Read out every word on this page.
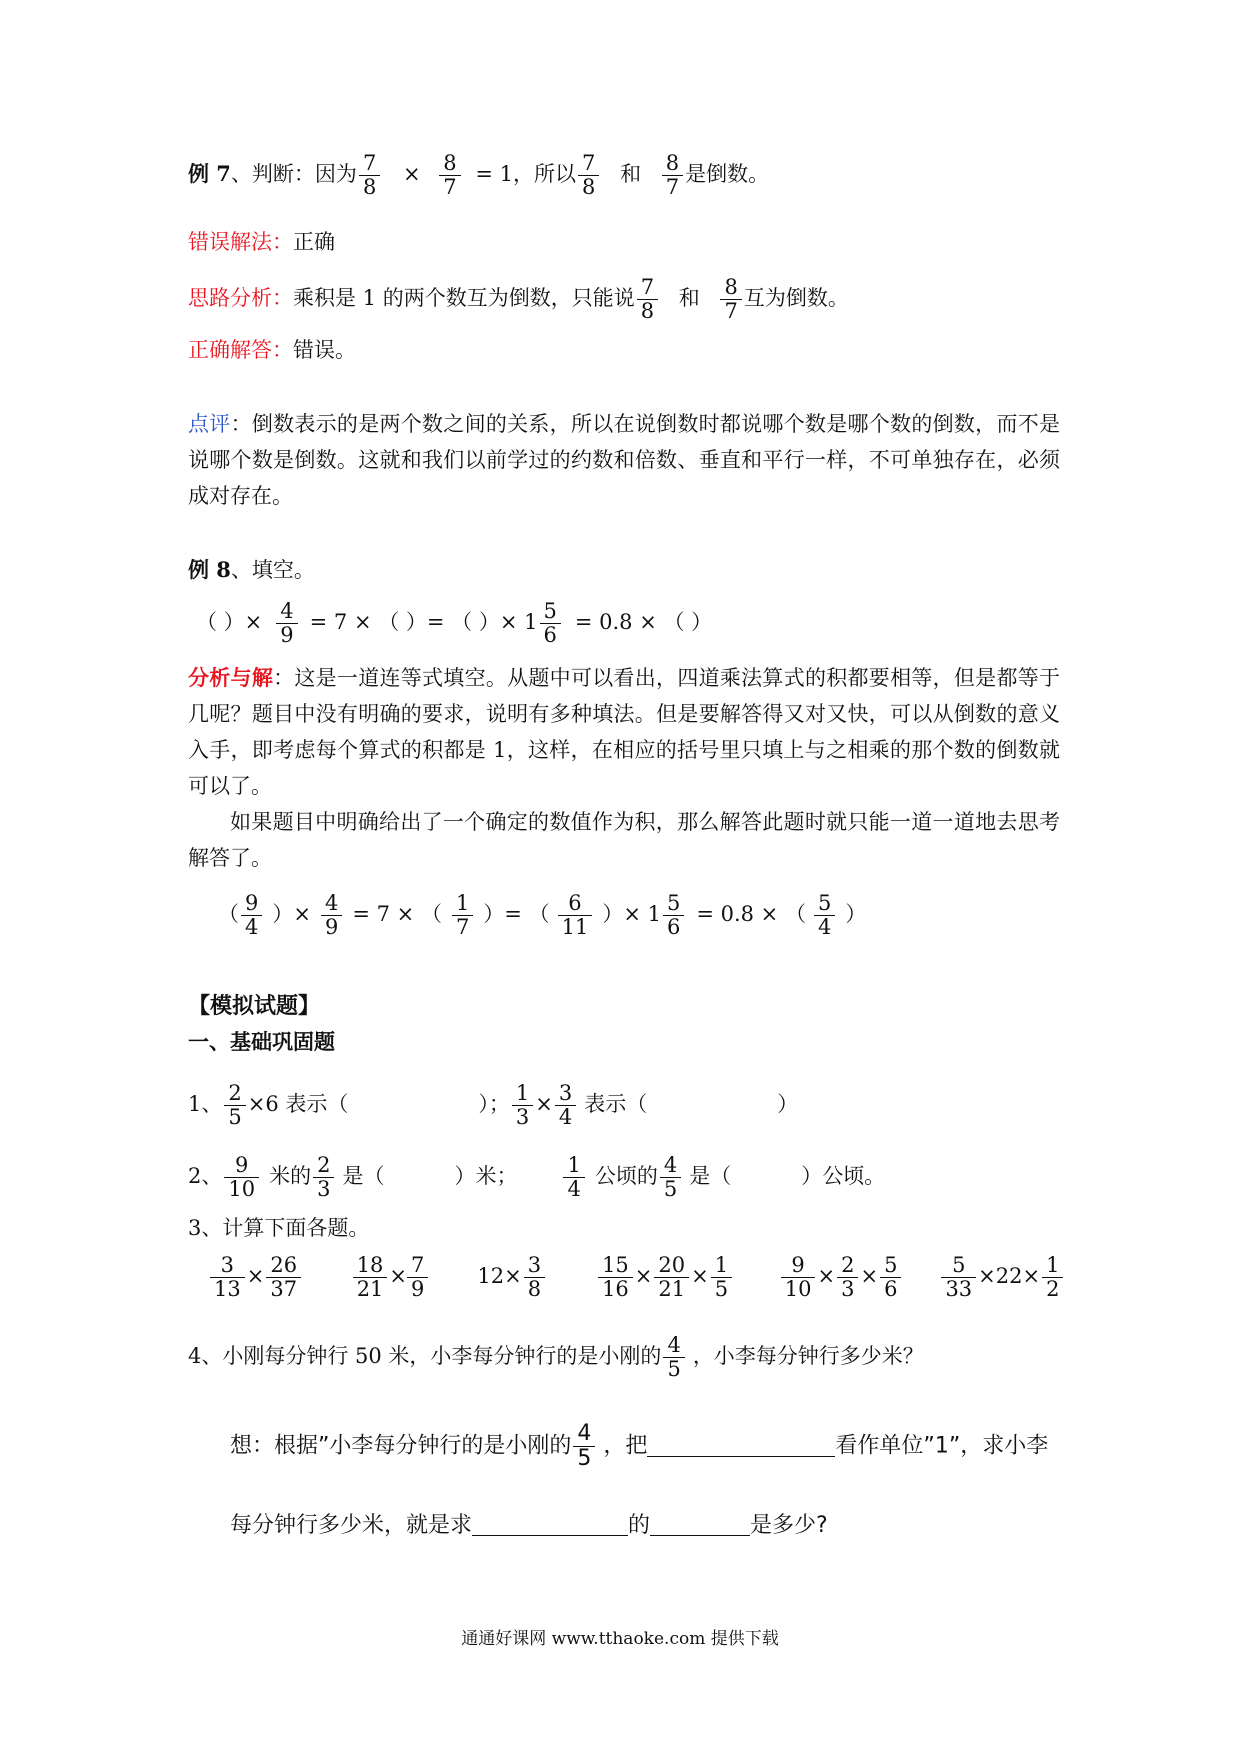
例 7、判断：因为 $\frac{7}{8} \times \frac{8}{7} = 1$，所以 $\frac{7}{8}$ 和 $\frac{8}{7}$ 是倒数。
错误解法：正确
思路分析：乘积是 1 的两个数互为倒数，只能说 $\frac{7}{8}$ 和 $\frac{8}{7}$ 互为倒数。
正确解答：错误。
点评：倒数表示的是两个数之间的关系，所以在说倒数时都说哪个数是哪个数的倒数，而不是说哪个数是倒数。这就和我们以前学过的约数和倍数、垂直和平行一样，不可单独存在，必须成对存在。
例 8、填空。
（ ）× $\frac{4}{9} = 7$ × （ ）= （ ）× $1 \frac{5}{6} = 0.8$ × （ ）
分析与解：这是一道连等式填空。从题中可以看出，四道乘法算式的积都要相等，但是都等于几呢？题目中没有明确的要求，说明有多种填法。但是要解答得又对又快，可以从倒数的意义入手，即考虑每个算式的积都是 1，这样，在相应的括号里只填上与之相乘的那个数的倒数就可以了。
如果题目中明确给出了一个确定的数值作为积，那么解答此题时就只能一道一道地去思考解答了。
（ $\frac{9}{4}$ ）× $\frac{4}{9} = 7$ × （ $\frac{1}{7}$ ）= （ $\frac{6}{11}$ ）× $1 \frac{5}{6} = 0.8$ × （ $\frac{5}{4}$ ）
【模拟试题】
一、基础巩固题
1、 $\frac{2}{5} \times 6$ 表示（	）； $\frac{1}{3} \times \frac{3}{4}$ 表示（	）
2、 $\frac{9}{10}$ 米的 $\frac{2}{3}$ 是（	）米； $\frac{1}{4}$ 公顷的 $\frac{4}{5}$ 是（	）公顷。
3、计算下面各题。
$\frac{3}{13} \times \frac{26}{37}$
$\frac{18}{21} \times \frac{7}{9} 12\times \frac{3}{8}$
	$\frac{15}{16} \times \frac{20}{21} \times \frac{1}{5}$
$\frac{9}{10} \times \frac{2}{3} \times \frac{5}{6}$
$\frac{5}{33} \times 22\times \frac{1}{2}$
4、小刚每分钟行 50 米，小李每分钟行的是小刚的 $\frac{4}{5}$ ，小李每分钟行多少米？
想：根据”小李每分钟行的是小刚的 $\frac{4}{5}$ ，把	看作单位”1”，求小李
每分钟行多少米，就是求	的	是多少?
通通好课网 www.tthaoke.com 提供下载
